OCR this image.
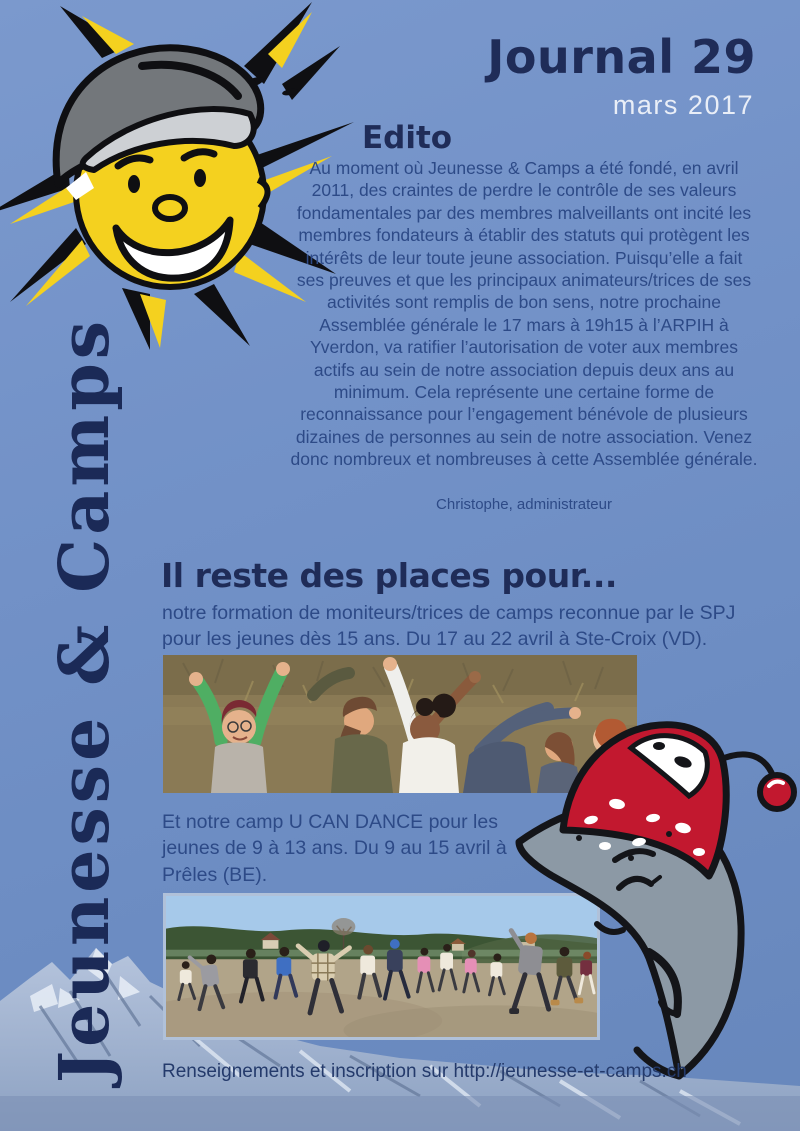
Journal 29
mars 2017
Edito
Au moment où Jeunesse & Camps a été fondé, en avril 2011, des craintes de perdre le contrôle de ses valeurs fondamentales par des membres malveillants ont incité les membres fondateurs à établir des statuts qui protègent les intérêts de leur toute jeune association. Puisqu’elle a fait ses preuves et que les principaux animateurs/trices de ses activités sont remplis de bon sens, notre prochaine Assemblée générale le 17 mars à 19h15 à l’ARPIH à Yverdon, va ratifier l’autorisation de voter aux membres actifs au sein de notre association depuis deux ans au minimum. Cela représente une certaine forme de reconnaissance pour l’engagement bénévole de plusieurs dizaines de personnes au sein de notre association. Venez donc nombreux et nombreuses à cette Assemblée générale.
Christophe, administrateur
Jeunesse & Camps	Il reste des places pour...
notre formation de moniteurs/trices de camps reconnue par le SPJ pour les jeunes dès 15 ans. Du 17 au 22 avril à Ste-Croix (VD).
Et notre camp U CAN DANCE pour les jeunes de 9 à 13 ans. Du 9 au 15 avril à Prêles (BE).
Renseignements et inscription sur http://jeunesse-et-camps.ch
